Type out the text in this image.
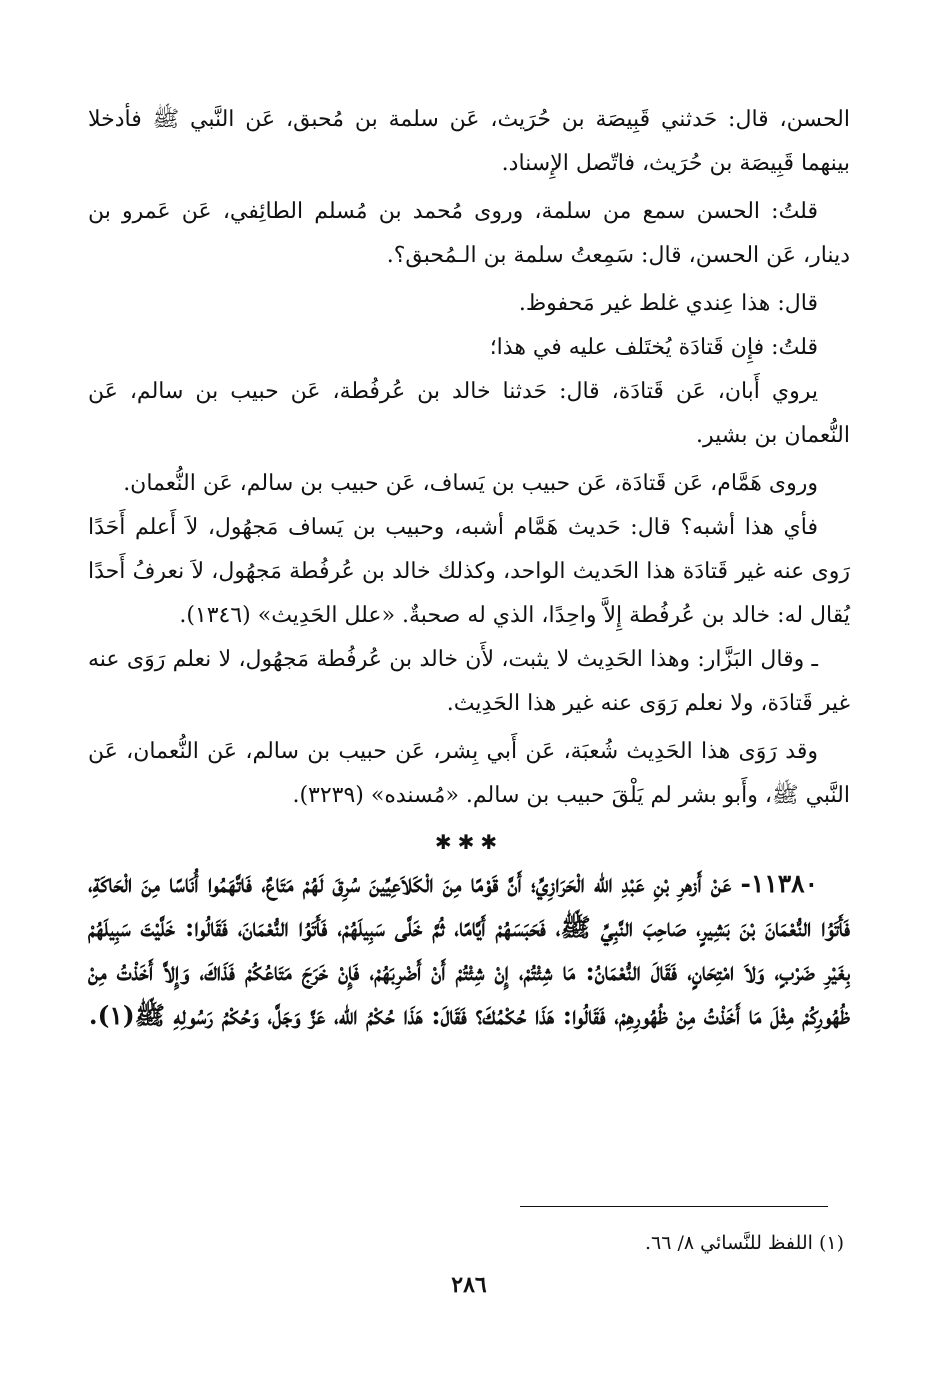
الحسن، قال: حَدثني قَبِيصَة بن حُرَيث، عَن سلمة بن مُحبق، عَن النَّبي ﷺ فأدخلا بينهما قَبِيصَة بن حُرَيث، فاتّصل الإِسناد.

قلتُ: الحسن سمع من سلمة، وروى مُحمد بن مُسلم الطائِفي، عَن عَمرو بن دينار، عَن الحسن، قال: سَمِعتُ سلمة بن الـمُحبق؟.

قال: هذا عِندي غلط غير مَحفوظ.

قلتُ: فإِن قَتادَة يُختَلف عليه في هذا؛

يروي أَبان، عَن قَتادَة، قال: حَدثنا خالد بن عُرفُطة، عَن حبيب بن سالم، عَن النُّعمان بن بشير.

وروى هَمَّام، عَن قَتادَة، عَن حبيب بن يَساف، عَن حبيب بن سالم، عَن النُّعمان.

فأي هذا أشبه؟ قال: حَديث هَمَّام أشبه، وحبيب بن يَساف مَجهُول، لاَ أَعلم أَحَدًا رَوى عنه غير قَتادَة هذا الحَديث الواحد، وكذلك خالد بن عُرفُطة مَجهُول، لاَ نعرفُ أَحدًا يُقال له: خالد بن عُرفُطة إِلاَّ واحِدًا، الذي له صحبةٌ. «علل الحَدِيث» (١٣٤٦).

ـ وقال البَزَّار: وهذا الحَدِيث لا يثبت، لأَن خالد بن عُرفُطة مَجهُول، لا نعلم رَوَى عنه غير قَتادَة، ولا نعلم رَوَى عنه غير هذا الحَدِيث.

وقد رَوَى هذا الحَدِيث شُعبَة، عَن أَبي بِشر، عَن حبيب بن سالم، عَن النُّعمان، عَن النَّبي ﷺ، وأَبو بشر لم يَلْقَ حبيب بن سالم. «مُسنده» (٣٢٣٩).

✱✱✱

١١٣٨٠- عَنْ أَزهرِ بْنِ عَبْدِ الله الْحَرَازِيِّ؛ أَنَّ قَوْمًا مِنَ الْكَلاَعِيِّينَ سُرِقَ لَهُمْ مَتَاعٌ، فَاتَّهَمُوا أُنَاسًا مِنَ الْحَاكَةِ، فَأَتَوُا النُّعْمَانَ بْنَ بَشِيرٍ، صَاحِبَ النَّبِيِّ ﷺ، فَحَبَسَهُمْ أَيَّامًا، ثُمَّ خَلَّى سَبِيلَهُمْ، فَأَتَوُا النُّعْمَانَ، فَقَالُوا: خَلَّيْتَ سَبِيلَهُمْ بِغَيْرِ ضَرْبٍ، وَلاَ امْتِحَانٍ، فَقَالَ النُّعْمَانُ: مَا شِئْتُمْ، إِنْ شِئْتُمْ أَنْ أَضْرِبَهُمْ، فَإِنْ خَرَجَ مَتَاعُكُمْ فَذَاكَ، وَإِلاَّ أَخَذْتُ مِنْ ظُهُورِكُمْ مِثْلَ مَا أَخَذْتُ مِنْ ظُهُورِهِمْ، فَقَالُوا: هَذَا حُكْمُكَ؟ فَقَالَ: هَذَا حُكْمُ الله، عَزَّ وَجَلَّ، وَحُكْمُ رَسُولِهِ ﷺ(١).

(١) اللفظ للنَّسائي ٨/ ٦٦.
٢٨٦
